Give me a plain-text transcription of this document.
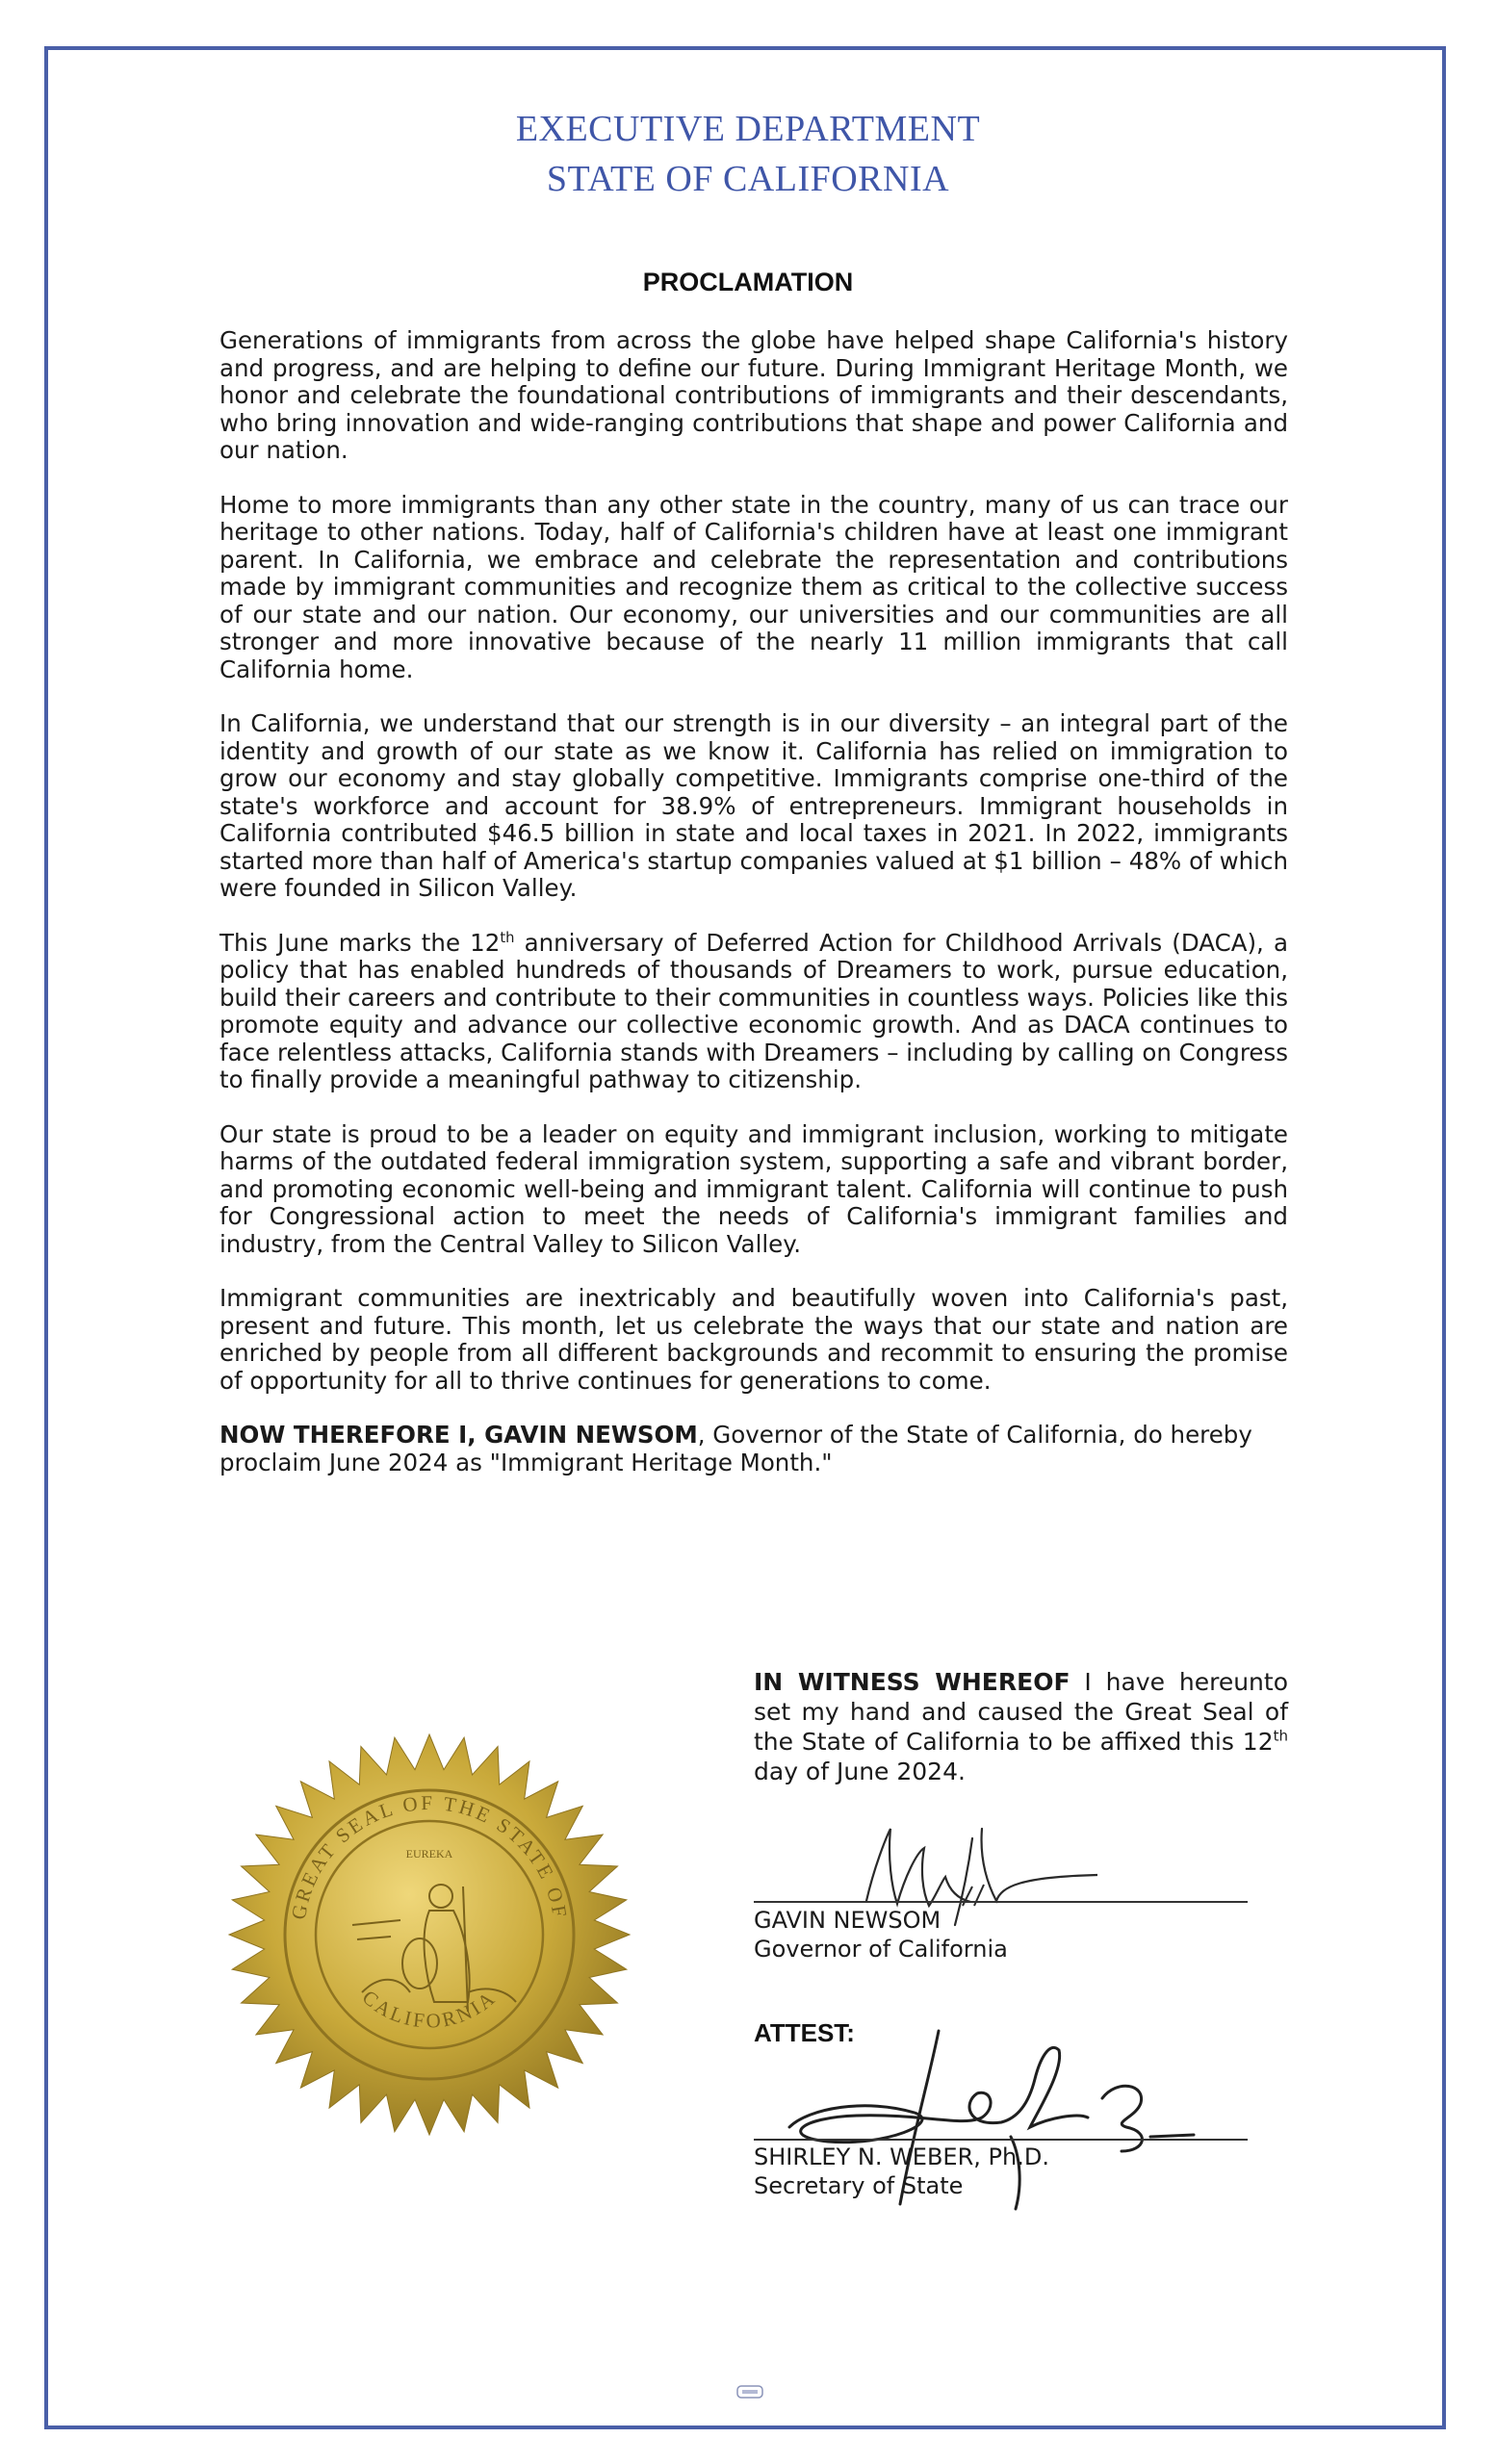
EXECUTIVE DEPARTMENT
STATE OF CALIFORNIA
PROCLAMATION

Generations of immigrants from across the globe have helped shape California's history and progress, and are helping to define our future. During Immigrant Heritage Month, we honor and celebrate the foundational contributions of immigrants and their descendants, who bring innovation and wide-ranging contributions that shape and power California and our nation.

Home to more immigrants than any other state in the country, many of us can trace our heritage to other nations. Today, half of California's children have at least one immigrant parent. In California, we embrace and celebrate the representation and contributions made by immigrant communities and recognize them as critical to the collective success of our state and our nation. Our economy, our universities and our communities are all stronger and more innovative because of the nearly 11 million immigrants that call California home.

In California, we understand that our strength is in our diversity – an integral part of the identity and growth of our state as we know it. California has relied on immigration to grow our economy and stay globally competitive. Immigrants comprise one-third of the state's workforce and account for 38.9% of entrepreneurs. Immigrant households in California contributed $46.5 billion in state and local taxes in 2021. In 2022, immigrants started more than half of America's startup companies valued at $1 billion – 48% of which were founded in Silicon Valley.

This June marks the 12th anniversary of Deferred Action for Childhood Arrivals (DACA), a policy that has enabled hundreds of thousands of Dreamers to work, pursue education, build their careers and contribute to their communities in countless ways. Policies like this promote equity and advance our collective economic growth. And as DACA continues to face relentless attacks, California stands with Dreamers – including by calling on Congress to finally provide a meaningful pathway to citizenship.

Our state is proud to be a leader on equity and immigrant inclusion, working to mitigate harms of the outdated federal immigration system, supporting a safe and vibrant border, and promoting economic well-being and immigrant talent. California will continue to push for Congressional action to meet the needs of California's immigrant families and industry, from the Central Valley to Silicon Valley.

Immigrant communities are inextricably and beautifully woven into California's past, present and future. This month, let us celebrate the ways that our state and nation are enriched by people from all different backgrounds and recommit to ensuring the promise of opportunity for all to thrive continues for generations to come.

NOW THEREFORE I, GAVIN NEWSOM, Governor of the State of California, do hereby proclaim June 2024 as "Immigrant Heritage Month."

IN WITNESS WHEREOF I have hereunto set my hand and caused the Great Seal of the State of California to be affixed this 12th day of June 2024.
GAVIN NEWSOM
Governor of California
ATTEST:
SHIRLEY N. WEBER, Ph.D.
Secretary of State
GREAT SEAL OF THE STATE OF
CALIFORNIA
EUREKA
